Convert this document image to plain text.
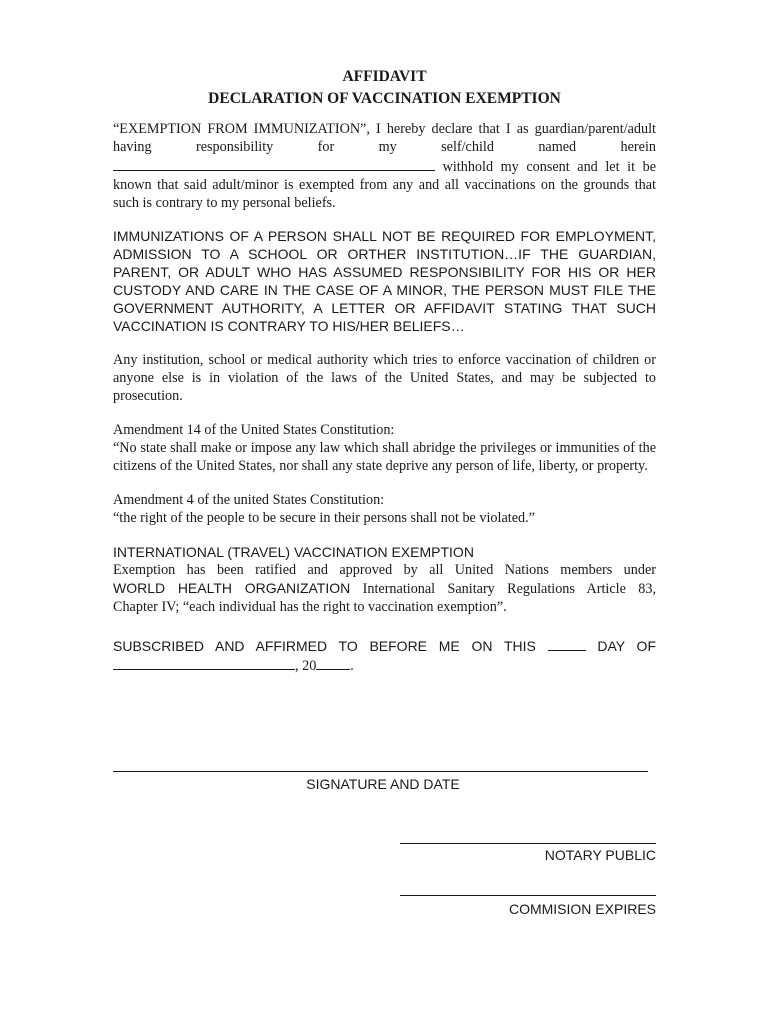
AFFIDAVIT

DECLARATION OF VACCINATION EXEMPTION

“EXEMPTION FROM IMMUNIZATION”, I hereby declare that I as guardian/parent/adult having responsibility for my self/child named herein  withhold my consent and let it be known that said adult/minor is exempted from any and all vaccinations on the grounds that such is contrary to my personal beliefs.

IMMUNIZATIONS OF A PERSON SHALL NOT BE REQUIRED FOR EMPLOYMENT, ADMISSION TO A SCHOOL OR ORTHER INSTITUTION…IF THE GUARDIAN, PARENT, OR ADULT WHO HAS ASSUMED RESPONSIBILITY FOR HIS OR HER CUSTODY AND CARE IN THE CASE OF A MINOR, THE PERSON MUST FILE THE GOVERNMENT AUTHORITY, A LETTER OR AFFIDAVIT STATING THAT SUCH VACCINATION IS CONTRARY TO HIS/HER BELIEFS…

Any institution, school or medical authority which tries to enforce vaccination of children or anyone else is in violation of the laws of the United States, and may be subjected to prosecution.

Amendment 14 of the United States Constitution:

“No state shall make or impose any law which shall abridge the privileges or immunities of the citizens of the United States, nor shall any state deprive any person of life, liberty, or property.

Amendment 4 of the united States Constitution:

“the right of the people to be secure in their persons shall not be violated.”

INTERNATIONAL (TRAVEL) VACCINATION EXEMPTION

Exemption has been ratified and approved by all United Nations members under

WORLD HEALTH ORGANIZATION International Sanitary Regulations Article 83,

Chapter IV; “each individual has the right to vaccination exemption”.

SUBSCRIBED AND AFFIRMED TO BEFORE ME ON THIS	DAY OF

, 20 .

SIGNATURE AND DATE
NOTARY PUBLIC
COMMISION EXPIRES
